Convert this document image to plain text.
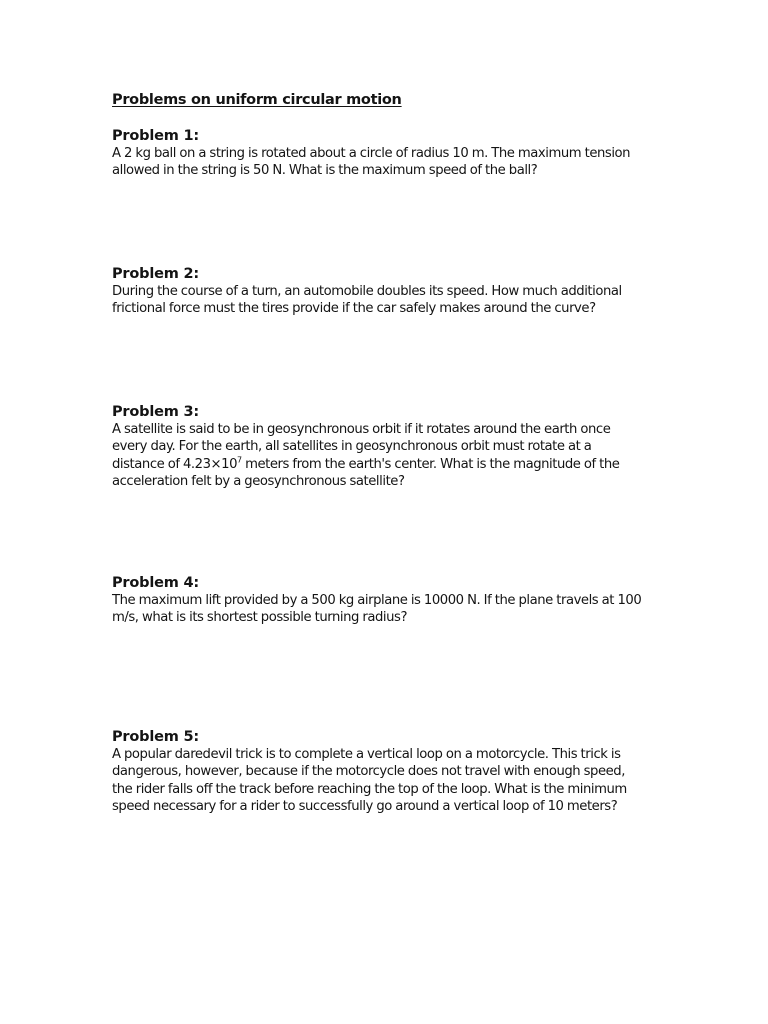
Problems on uniform circular motion
Problem 1:
A 2 kg ball on a string is rotated about a circle of radius 10 m. The maximum tension allowed in the string is 50 N. What is the maximum speed of the ball?
Problem 2:
During the course of a turn, an automobile doubles its speed. How much additional frictional force must the tires provide if the car safely makes around the curve?
Problem 3:
A satellite is said to be in geosynchronous orbit if it rotates around the earth once every day. For the earth, all satellites in geosynchronous orbit must rotate at a distance of $4.23\times 10^7$ meters from the earth's center. What is the magnitude of the acceleration felt by a geosynchronous satellite?
Problem 4:
The maximum lift provided by a 500 kg airplane is 10000 N. If the plane travels at 100 m/s, what is its shortest possible turning radius?
Problem 5:
A popular daredevil trick is to complete a vertical loop on a motorcycle. This trick is dangerous, however, because if the motorcycle does not travel with enough speed, the rider falls off the track before reaching the top of the loop. What is the minimum speed necessary for a rider to successfully go around a vertical loop of 10 meters?
